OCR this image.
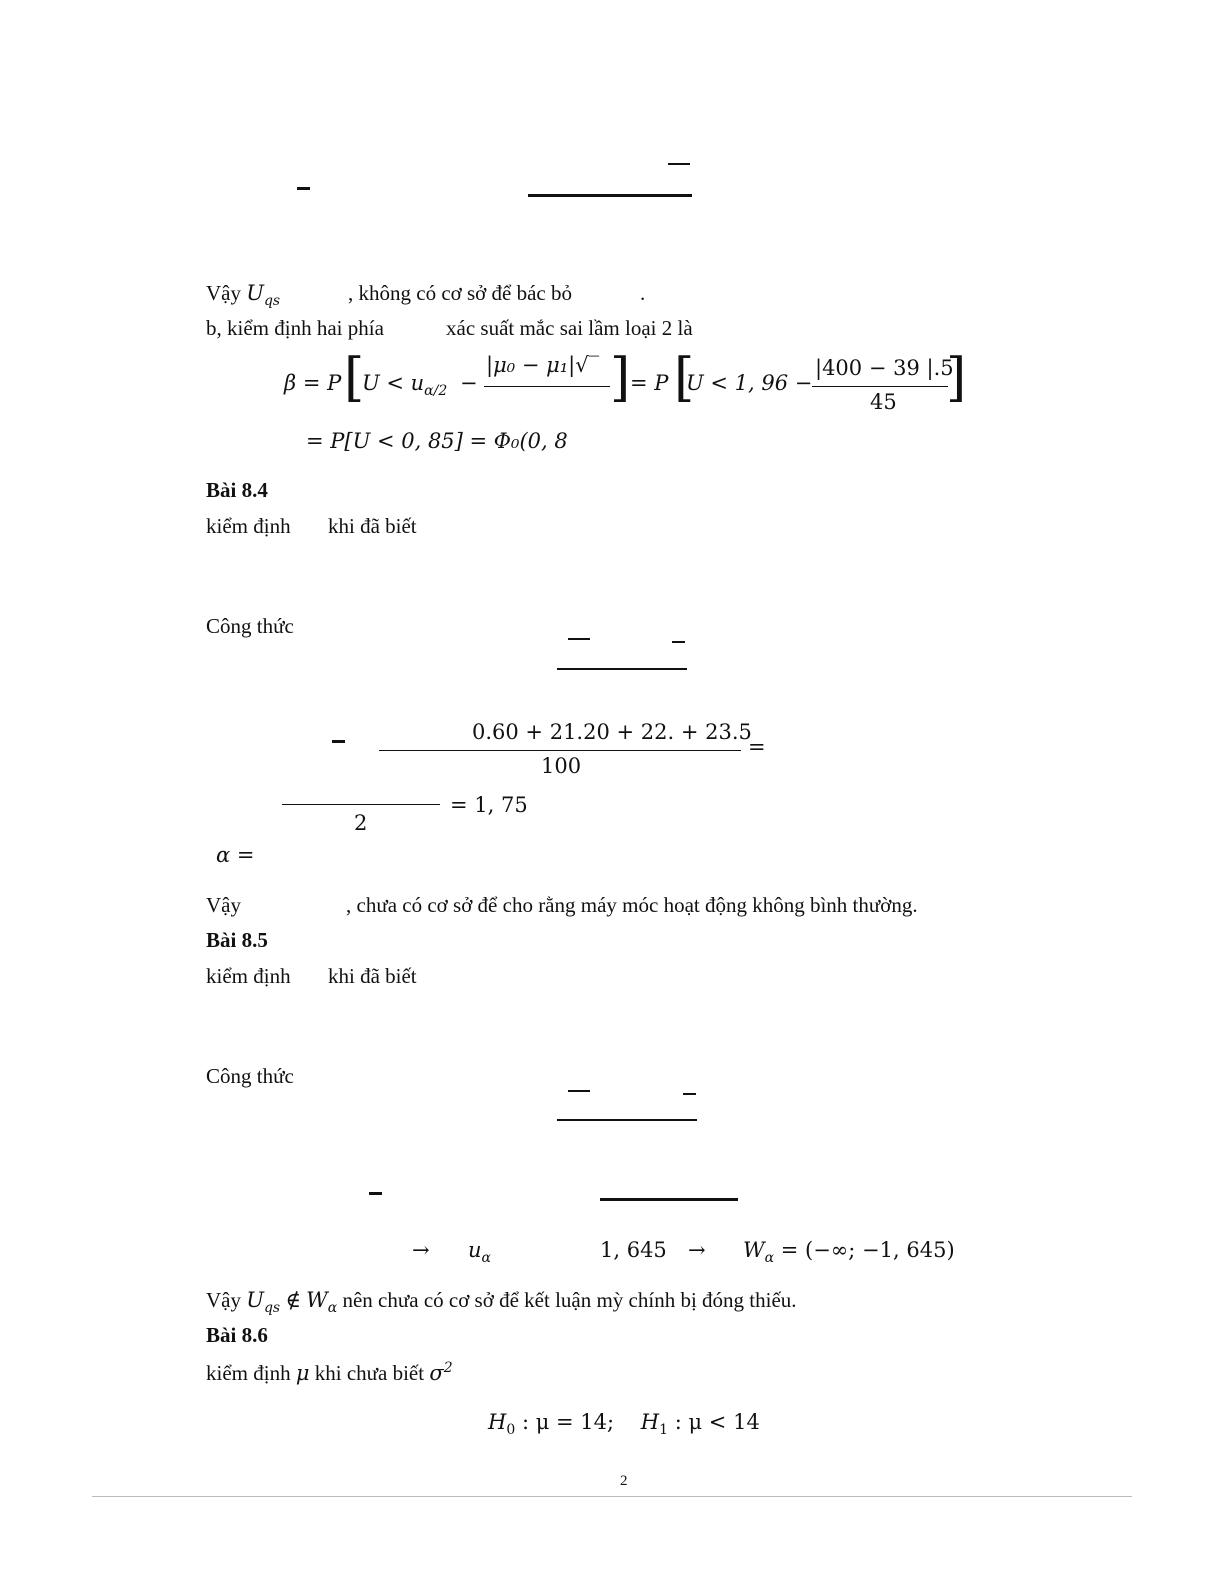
Vậy $U_{qs}$	, không có cơ sở để bác bỏ	.
b, kiểm định hai phía	xác suất mắc sai lầm loại 2 là
β = P [
$U < u_{\alpha/2}$ −
|μ₀ − μ₁|√‾ ] = P [
U < 1, 96 −
|400 − 39 |.5
45 ]
= P[U < 0, 85] = Φ₀(0, 8
Bài 8.4
kiểm định khi đã biết
Công thức
0.60 + 21.20 + 22. + 23.5
100
=
2
= 1, 75
α =
Vậy	, chưa có cơ sở để cho rằng máy móc hoạt động không bình thường.
Bài 8.5
kiểm định khi đã biết
Công thức
→ $u_\alpha$	1, $645 \to W_\alpha$ = (−∞; −1, 645)
Vậy $U_{qs}$ ∉ $W_\alpha$ nên chưa có cơ sở để kết luận mỳ chính bị đóng thiếu.
Bài 8.6
kiểm định μ khi chưa biết $\sigma^2$
$H_0$ : μ = 14; $H_1$ : μ < 14
2
